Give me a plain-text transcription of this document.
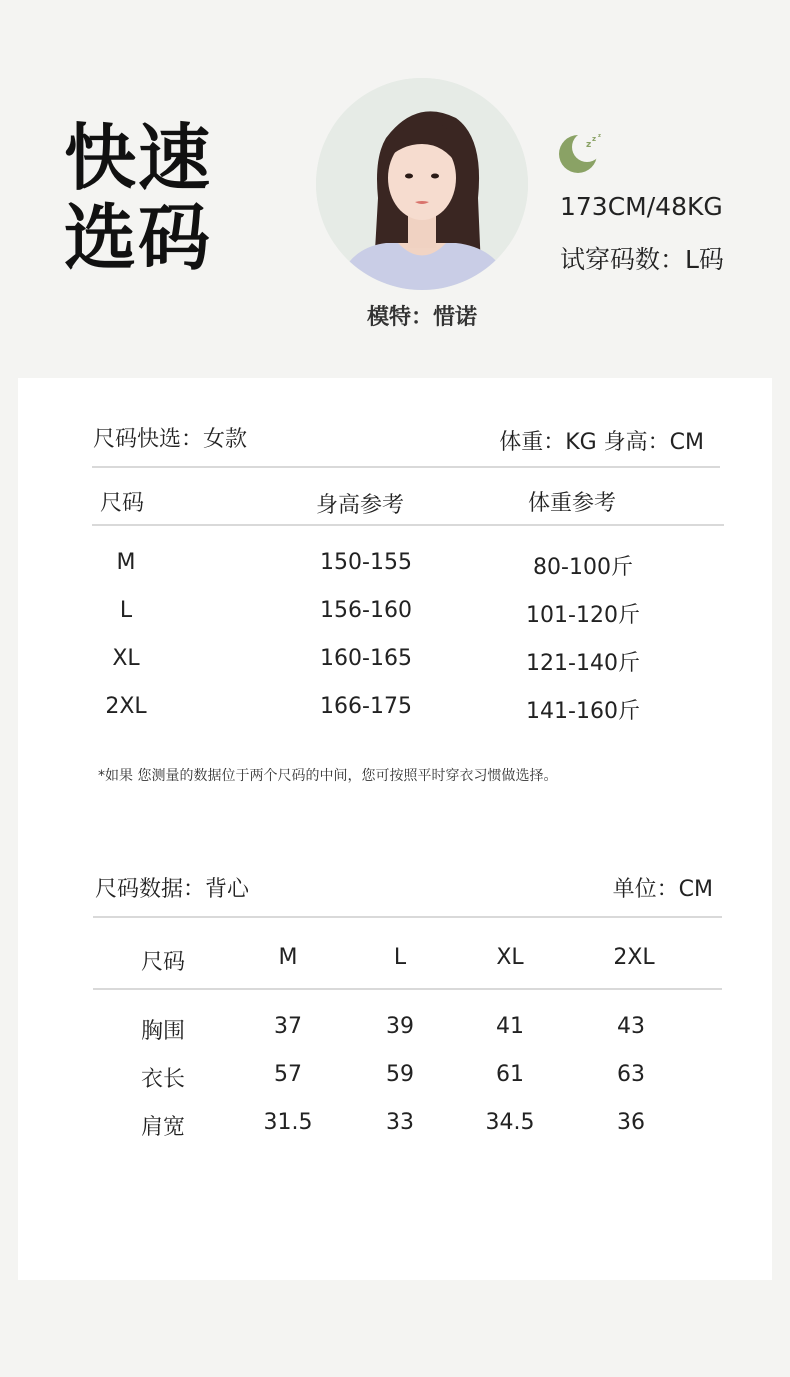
快速
选码
模特：惜诺
z
z z
173CM/48KG
试穿码数：L码
尺码快选：女款	体重：KG 身高：CM
尺码	身高参考	体重参考
M	150-155	80-100斤
L	156-160	101-120斤
XL	160-165	121-140斤
2XL	166-175	141-160斤
*如果 您测量的数据位于两个尺码的中间，您可按照平时穿衣习惯做选择。
尺码数据：背心	单位：CM
尺码	M	L	XL	2XL
胸围	37	39	41	43
衣长	57	59	61	63
肩宽	31.5	33	34.5	36
